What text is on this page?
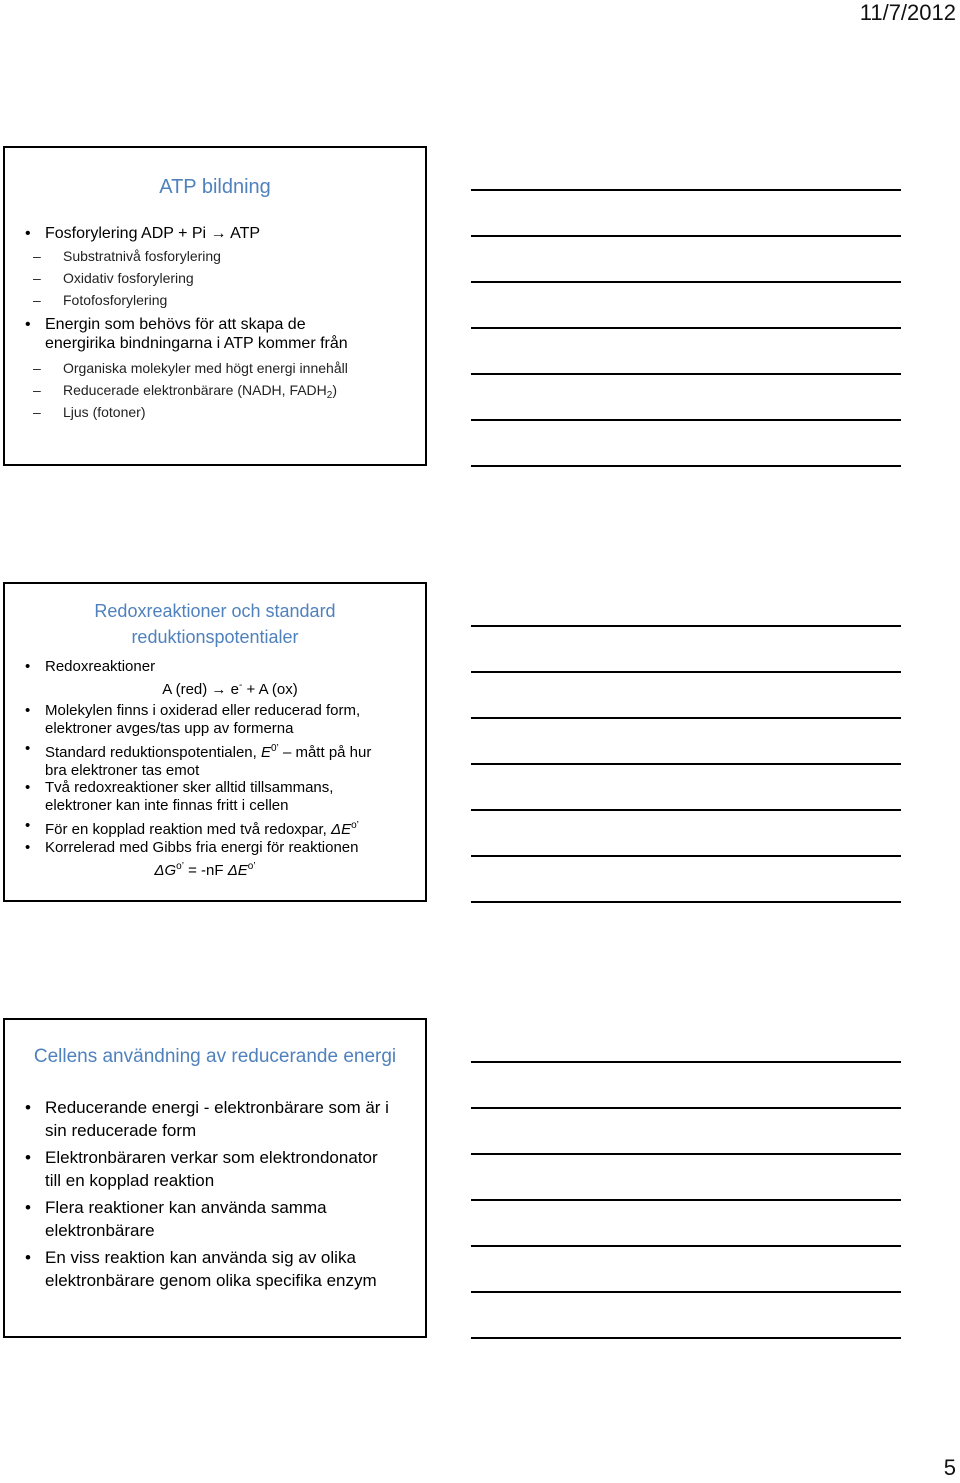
11/7/2012
ATP bildning
• Fosforylering ADP + Pi → ATP
– Substratnivå fosforylering
– Oxidativ fosforylering
– Fotofosforylering
• Energin som behövs för att skapa de
energirika bindningarna i ATP kommer från
– Organiska molekyler med högt energi innehåll
– Reducerade elektronbärare (NADH, $FADH_2$)
– Ljus (fotoner)
Redoxreaktioner och standard
reduktionspotentialer
• Redoxreaktioner
A (red) → e- + A (ox)
• Molekylen finns i oxiderad eller reducerad form,
elektroner avges/tas upp av formerna
• Standard reduktionspotentialen, $E^{0’}$ – mått på hur
bra elektroner tas emot
• Två redoxreaktioner sker alltid tillsammans,
elektroner kan inte finnas fritt i cellen
• För en kopplad reaktion med två redoxpar, $\Delta E^{o’}$
• Korrelerad med Gibbs fria energi för reaktionen
$\Delta G^{o’} = -nF$ $\Delta E^{o’}$
Cellens användning av reducerande energi
• Reducerande energi - elektronbärare som är i
sin reducerade form
• Elektronbäraren verkar som elektrondonator
till en kopplad reaktion
• Flera reaktioner kan använda samma
elektronbärare
• En viss reaktion kan använda sig av olika
elektronbärare genom olika specifika enzym
5
